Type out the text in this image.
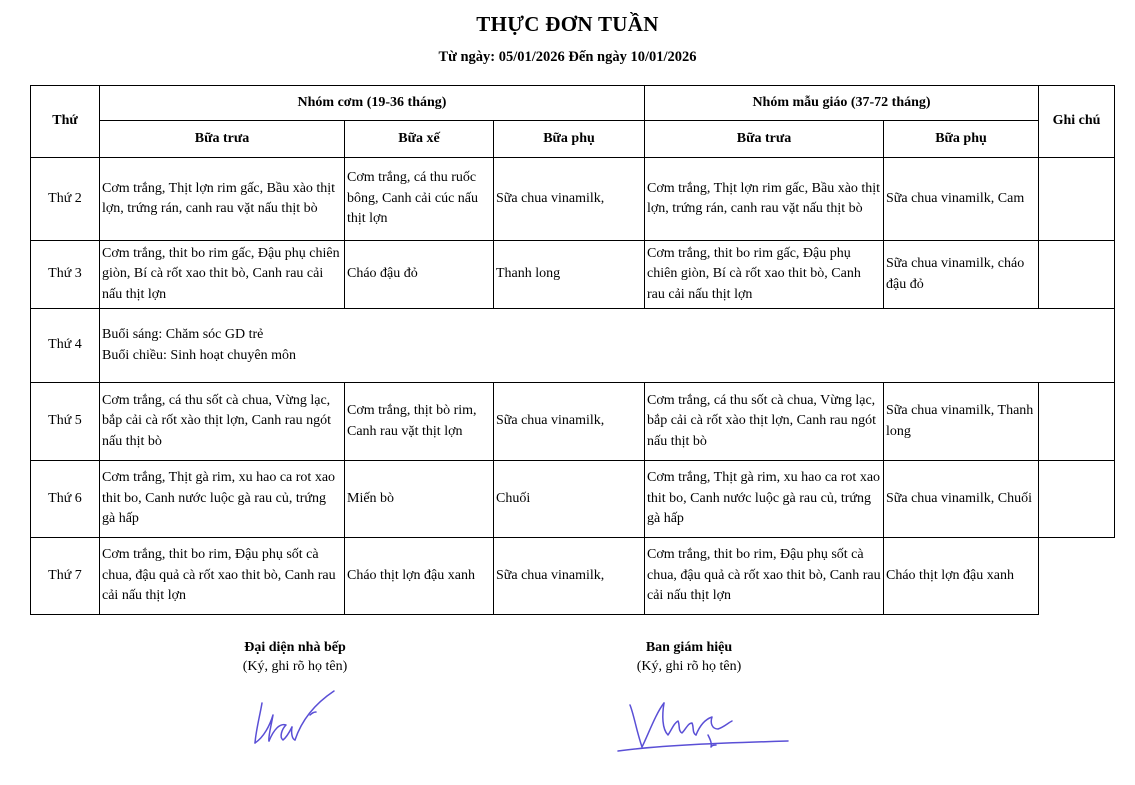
THỰC ĐƠN TUẦN
Từ ngày: 05/01/2026 Đến ngày 10/01/2026
Thứ	Nhóm cơm (19-36 tháng)			Nhóm mẫu giáo (37-72 tháng)		Ghi chú
	Bữa trưa	Bữa xế	Bữa phụ	Bữa trưa	Bữa phụ	
Thứ 2	Cơm trắng, Thịt lợn rim gấc, Bầu xào thịt lợn, trứng rán, canh rau vặt nấu thịt bò	Cơm trắng, cá thu ruốc bông, Canh cải cúc nấu thịt lợn	Sữa chua vinamilk,	Cơm trắng, Thịt lợn rim gấc, Bầu xào thịt lợn, trứng rán, canh rau vặt nấu thịt bò	Sữa chua vinamilk, Cam	
Thứ 3	Cơm trắng, thit bo rim gấc, Đậu phụ chiên giòn, Bí cà rốt xao thit bò, Canh rau cải nấu thịt lợn	Cháo đậu đỏ	Thanh long	Cơm trắng, thit bo rim gấc, Đậu phụ chiên giòn, Bí cà rốt xao thit bò, Canh rau cải nấu thịt lợn	Sữa chua vinamilk, cháo đậu đỏ	
Thứ 4	Buổi sáng: Chăm sóc GD trẻ
Buổi chiều: Sinh hoạt chuyên môn					

Thứ 5	Cơm trắng, cá thu sốt cà chua, Vừng lạc, bắp cải cà rốt xào thịt lợn, Canh rau ngót nấu thịt bò	Cơm trắng, thịt bò rim, Canh rau vặt thịt lợn	Sữa chua vinamilk,	Cơm trắng, cá thu sốt cà chua, Vừng lạc, bắp cải cà rốt xào thịt lợn, Canh rau ngót nấu thịt bò	Sữa chua vinamilk, Thanh long	
Thứ 6	Cơm trắng, Thịt gà rim, xu hao ca rot xao thit bo, Canh nước luộc gà rau củ, trứng gà hấp	Miến bò	Chuối	Cơm trắng, Thịt gà rim, xu hao ca rot xao thit bo, Canh nước luộc gà rau củ, trứng gà hấp	Sữa chua vinamilk, Chuối	
Thứ 7	Cơm trắng, thit bo rim, Đậu phụ sốt cà chua, đậu quả cà rốt xao thit bò, Canh rau cải nấu thịt lợn	Cháo thịt lợn đậu xanh	Sữa chua vinamilk,	Cơm trắng, thit bo rim, Đậu phụ sốt cà chua, đậu quả cà rốt xao thit bò, Canh rau cải nấu thịt lợn	Cháo thịt lợn đậu xanh	
Đại diện nhà bếp
(Ký, ghi rõ họ tên)
Ban giám hiệu
(Ký, ghi rõ họ tên)
